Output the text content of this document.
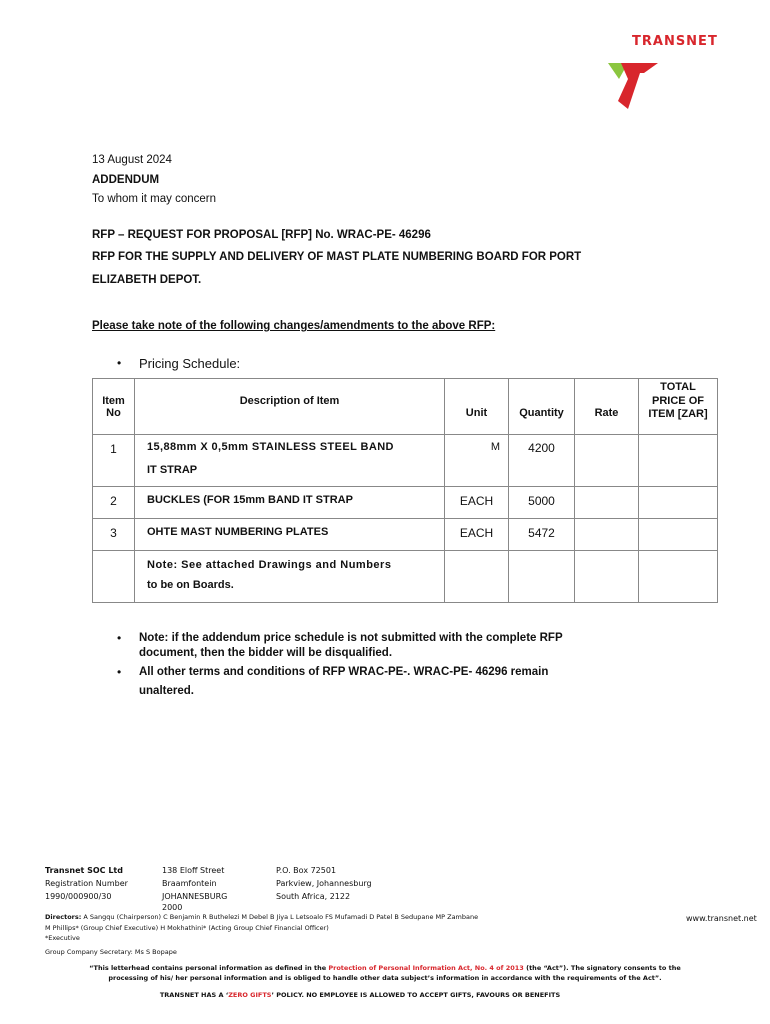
TRANSNET
13 August 2024
ADDENDUM
To whom it may concern
RFP – REQUEST FOR PROPOSAL [RFP] No. WRAC-PE- 46296
RFP FOR THE SUPPLY AND DELIVERY OF MAST PLATE NUMBERING BOARD FOR PORT
ELIZABETH DEPOT.
Please take note of the following changes/amendments to the above RFP:
• Pricing Schedule:
Item No	Description of Item	Unit	Quantity	Rate	TOTAL PRICE OF ITEM [ZAR]

1	15,88mm X 0,5mm STAINLESS STEEL BAND
IT STRAP	M	4200		

2	BUCKLES (FOR 15mm BAND IT STRAP	EACH	5000		

3	OHTE MAST NUMBERING PLATES	EACH	5472		

	Note: See attached Drawings and Numbers
to be on Boards.				

• Note: if the addendum price schedule is not submitted with the complete RFP
document, then the bidder will be disqualified.
• All other terms and conditions of RFP WRAC-PE-. WRAC-PE- 46296 remain
unaltered.
Transnet SOC Ltd
Registration Number
1990/000900/30
138 Eloff Street
Braamfontein
JOHANNESBURG
2000
P.O. Box 72501
Parkview, Johannesburg
South Africa, 2122
Directors: A Sangqu (Chairperson) C Benjamin R Buthelezi M Debel B Jiya L Letsoalo FS Mufamadi D Patel B Sedupane MP Zambane
M Phillips* (Group Chief Executive) H Mokhathini* (Acting Group Chief Financial Officer)
*Executive
Group Company Secretary: Ms S Bopape
www.transnet.net
“This letterhead contains personal information as defined in the Protection of Personal Information Act, No. 4 of 2013 (the “Act”). The signatory consents to the
processing of his/ her personal information and is obliged to handle other data subject’s information in accordance with the requirements of the Act”.
TRANSNET HAS A ‘ZERO GIFTS’ POLICY. NO EMPLOYEE IS ALLOWED TO ACCEPT GIFTS, FAVOURS OR BENEFITS
